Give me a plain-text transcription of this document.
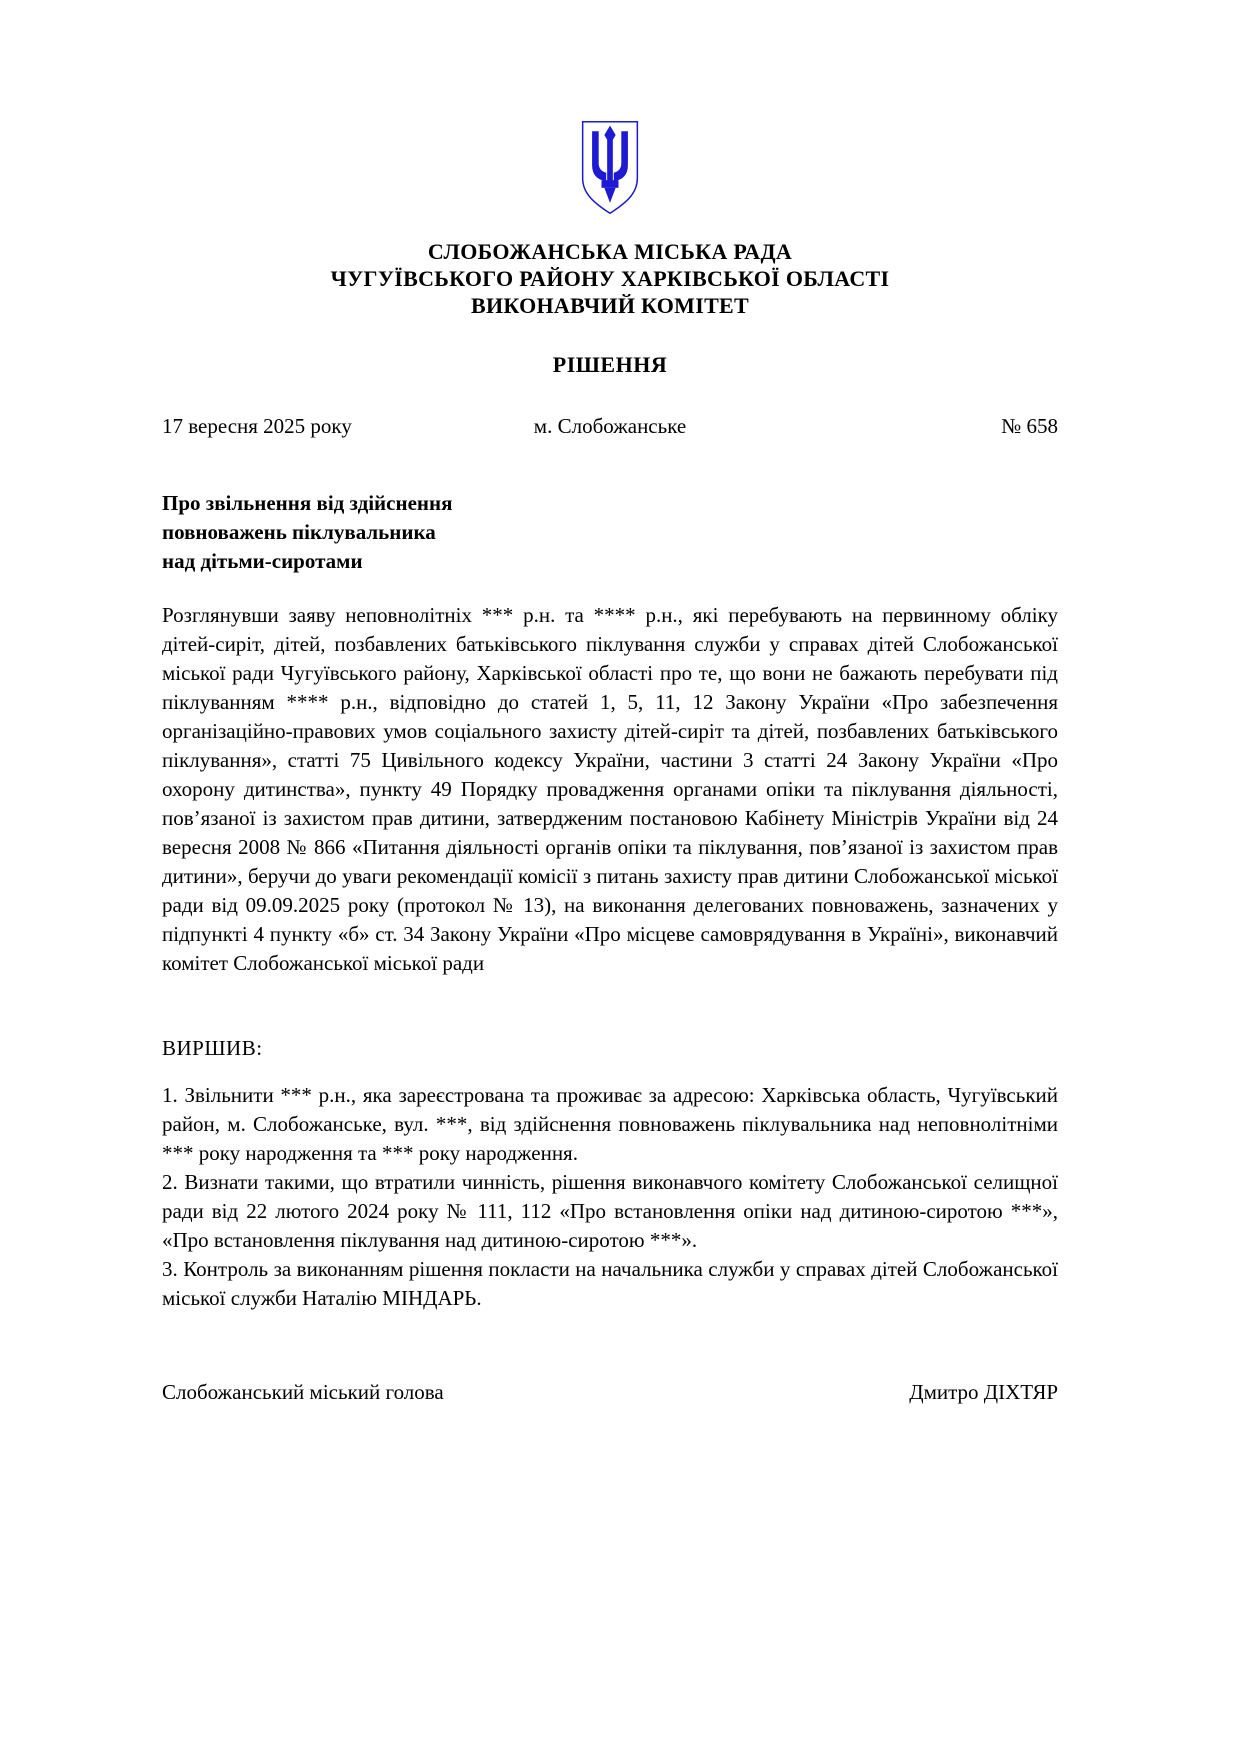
СЛОБОЖАНСЬКА МІСЬКА РАДА
ЧУГУЇВСЬКОГО РАЙОНУ ХАРКІВСЬКОЇ ОБЛАСТІ
ВИКОНАВЧИЙ КОМІТЕТ
РІШЕННЯ
17 вересня 2025 року	м. Слобожанське	№ 658
Про звільнення від здійснення
повноважень піклувальника
над дітьми-сиротами
Розглянувши заяву неповнолітніх *** р.н. та **** р.н., які перебувають на первинному обліку дітей-сиріт, дітей, позбавлених батьківського піклування служби у справах дітей Слобожанської міської ради Чугуївського району, Харківської області про те, що вони не бажають перебувати під піклуванням **** р.н., відповідно до статей 1, 5, 11, 12 Закону України «Про забезпечення організаційно-правових умов соціального захисту дітей-сиріт та дітей, позбавлених батьківського піклування», статті 75 Цивільного кодексу України, частини 3 статті 24 Закону України «Про охорону дитинства», пункту 49 Порядку провадження органами опіки та піклування діяльності, пов’язаної із захистом прав дитини, затвердженим постановою Кабінету Міністрів України від 24 вересня 2008 № 866 «Питання діяльності органів опіки та піклування, пов’язаної із захистом прав дитини», беручи до уваги рекомендації комісії з питань захисту прав дитини Слобожанської міської ради від 09.09.2025 року (протокол № 13), на виконання делегованих повноважень, зазначених у підпункті 4 пункту «б» ст. 34 Закону України «Про місцеве самоврядування в Україні», виконавчий комітет Слобожанської міської ради
ВИРШИВ:

1. Звільнити *** р.н., яка зареєстрована та проживає за адресою: Харківська область, Чугуївський район, м. Слобожанське, вул. ***, від здійснення повноважень піклувальника над неповнолітніми *** року народження та *** року народження.

2. Визнати такими, що втратили чинність, рішення виконавчого комітету Слобожанської селищної ради від 22 лютого 2024 року № 111, 112 «Про встановлення опіки над дитиною-сиротою ***», «Про встановлення піклування над дитиною-сиротою ***».

3. Контроль за виконанням рішення покласти на начальника служби у справах дітей Слобожанської міської служби Наталію МІНДАРЬ.

Слобожанський міський голова	Дмитро ДІХТЯР
